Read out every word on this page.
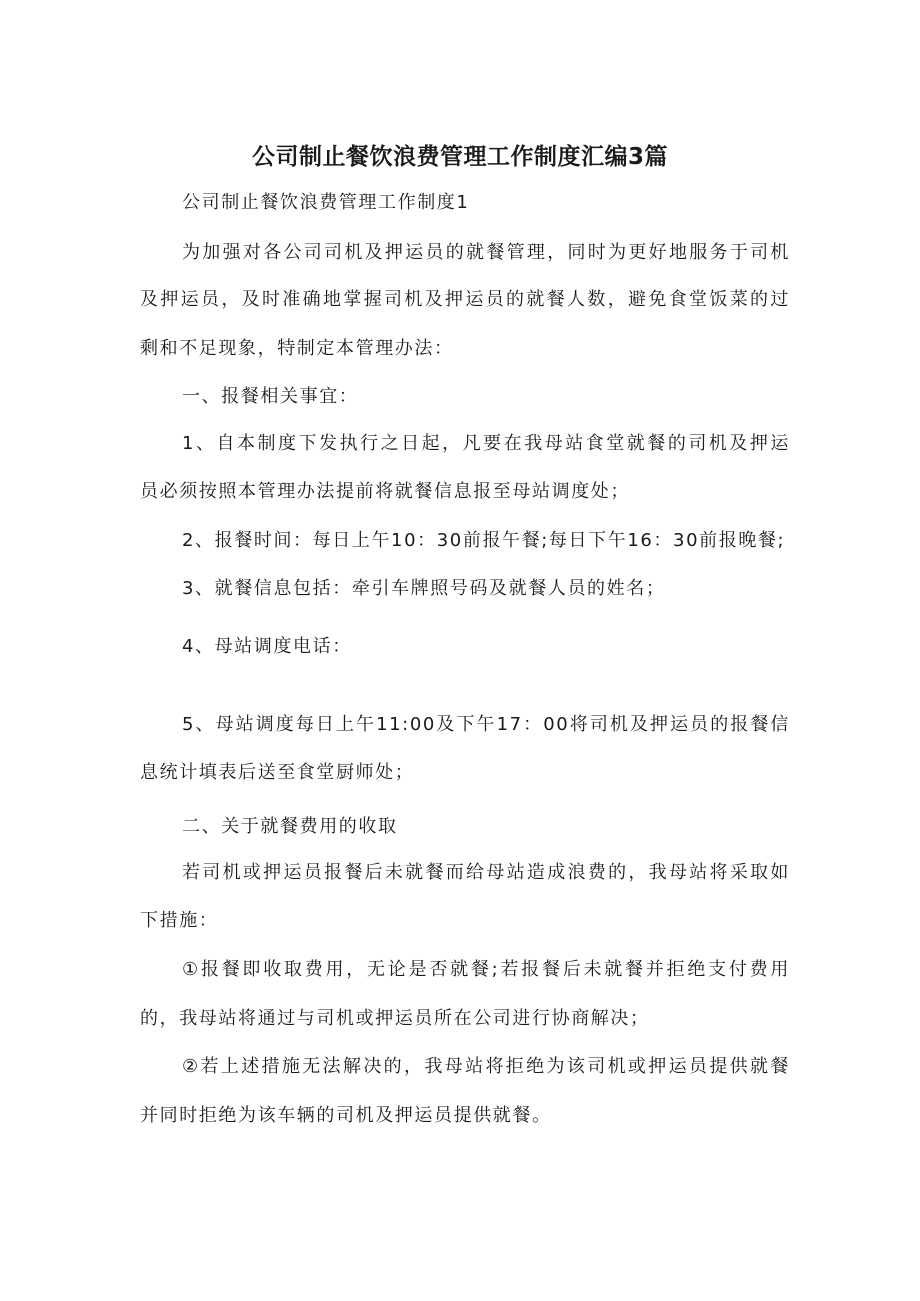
公司制止餐饮浪费管理工作制度汇编3篇
公司制止餐饮浪费管理工作制度1
为加强对各公司司机及押运员的就餐管理，同时为更好地服务于司机
及押运员，及时准确地掌握司机及押运员的就餐人数，避免食堂饭菜的过
剩和不足现象，特制定本管理办法：
一、报餐相关事宜：
1、自本制度下发执行之日起，凡要在我母站食堂就餐的司机及押运
员必须按照本管理办法提前将就餐信息报至母站调度处；
2、报餐时间：每日上午10：30前报午餐;每日下午16：30前报晚餐;
3、就餐信息包括：牵引车牌照号码及就餐人员的姓名；
4、母站调度电话：
5、母站调度每日上午11:00及下午17：00将司机及押运员的报餐信
息统计填表后送至食堂厨师处；
二、关于就餐费用的收取
若司机或押运员报餐后未就餐而给母站造成浪费的，我母站将采取如
下措施：
①报餐即收取费用，无论是否就餐;若报餐后未就餐并拒绝支付费用
的，我母站将通过与司机或押运员所在公司进行协商解决；
②若上述措施无法解决的，我母站将拒绝为该司机或押运员提供就餐
并同时拒绝为该车辆的司机及押运员提供就餐。
